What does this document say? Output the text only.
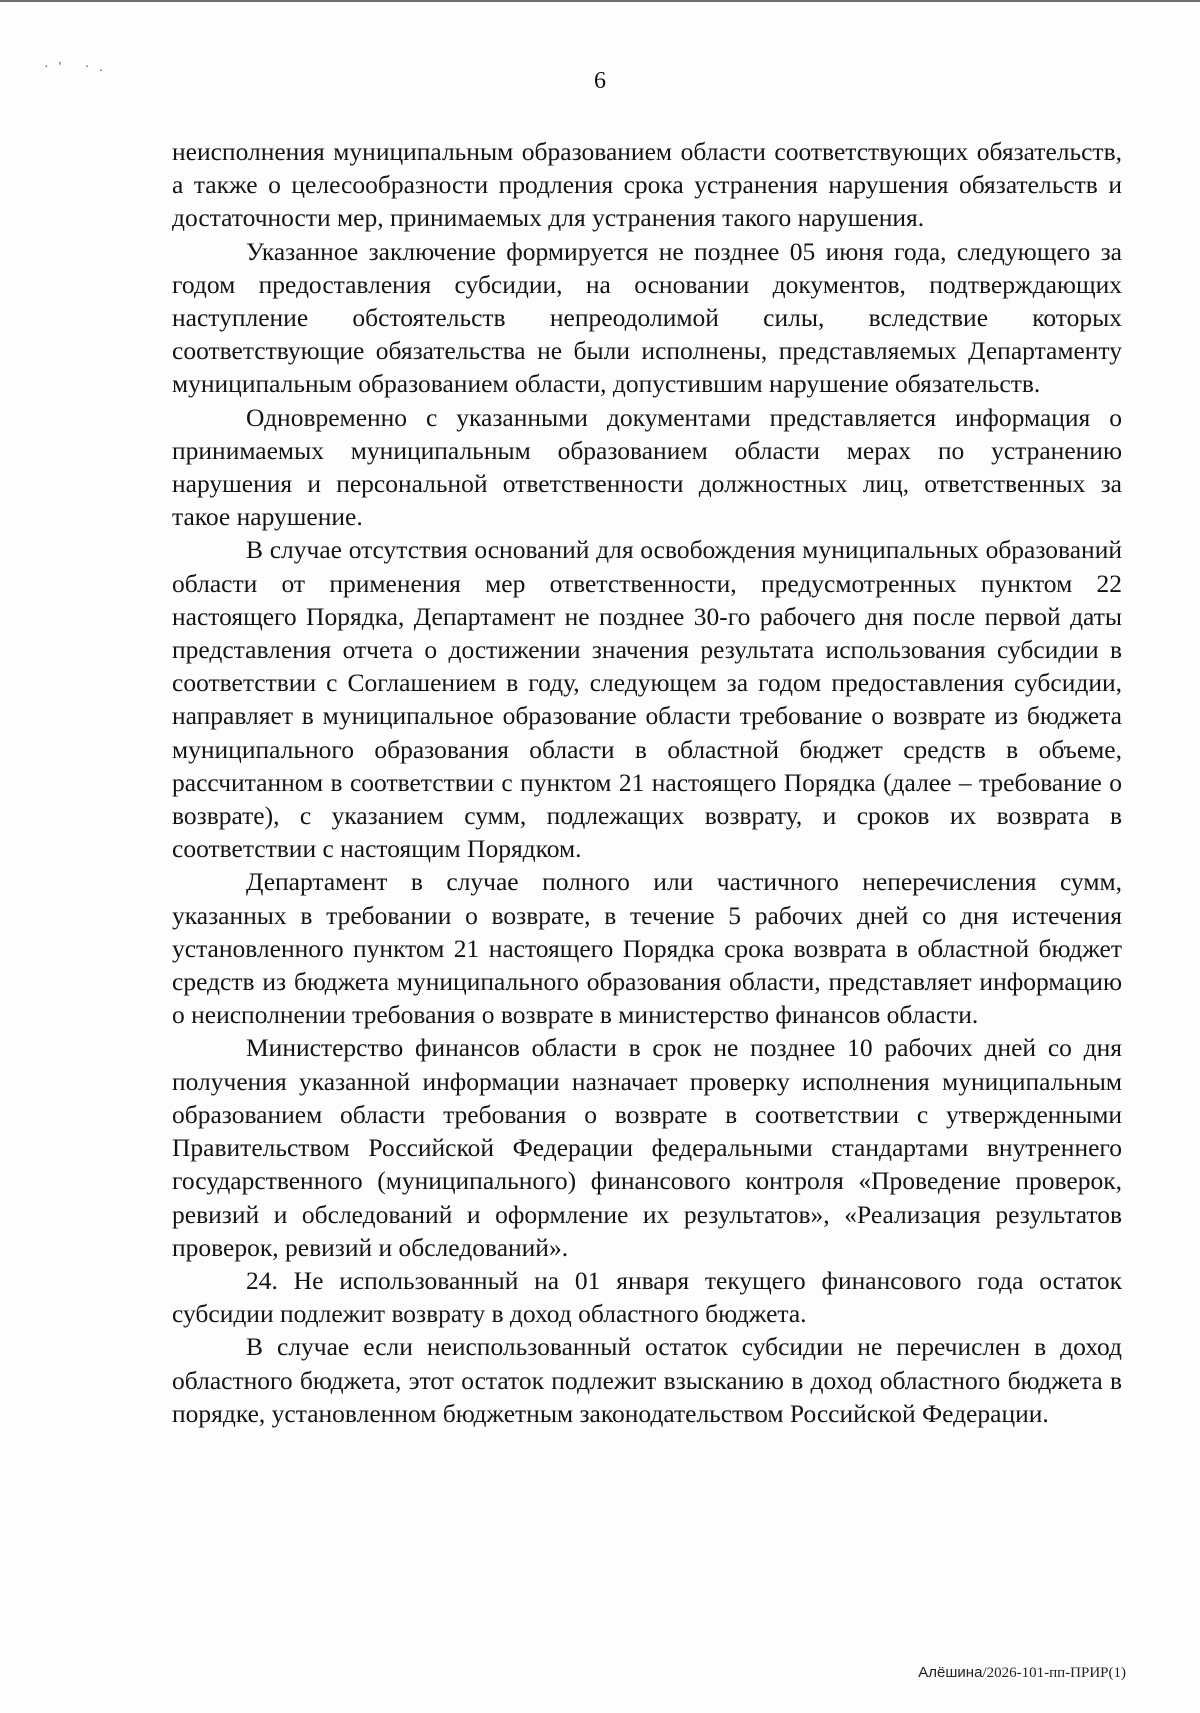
·' ·.
6

неисполнения муниципальным образованием области соответствующих обязательств, а также о целесообразности продления срока устранения нарушения обязательств и достаточности мер, принимаемых для устранения такого нарушения.

Указанное заключение формируется не позднее 05 июня года, следующего за годом предоставления субсидии, на основании документов, подтверждающих наступление обстоятельств непреодолимой силы, вследствие которых соответствующие обязательства не были исполнены, представляемых Департаменту муниципальным образованием области, допустившим нарушение обязательств.

Одновременно с указанными документами представляется информация о принимаемых муниципальным образованием области мерах по устранению нарушения и персональной ответственности должностных лиц, ответственных за такое нарушение.

В случае отсутствия оснований для освобождения муниципальных образований области от применения мер ответственности, предусмотренных пунктом 22 настоящего Порядка, Департамент не позднее 30-го рабочего дня после первой даты представления отчета о достижении значения результата использования субсидии в соответствии с Соглашением в году, следующем за годом предоставления субсидии, направляет в муниципальное образование области требование о возврате из бюджета муниципального образования области в областной бюджет средств в объеме, рассчитанном в соответствии с пунктом 21 настоящего Порядка (далее – требование о возврате), с указанием сумм, подлежащих возврату, и сроков их возврата в соответствии с настоящим Порядком.

Департамент в случае полного или частичного неперечисления сумм, указанных в требовании о возврате, в течение 5 рабочих дней со дня истечения установленного пунктом 21 настоящего Порядка срока возврата в областной бюджет средств из бюджета муниципального образования области, представляет информацию о неисполнении требования о возврате в министерство финансов области.

Министерство финансов области в срок не позднее 10 рабочих дней со дня получения указанной информации назначает проверку исполнения муниципальным образованием области требования о возврате в соответствии с утвержденными Правительством Российской Федерации федеральными стандартами внутреннего государственного (муниципального) финансового контроля «Проведение проверок, ревизий и обследований и оформление их результатов», «Реализация результатов проверок, ревизий и обследований».

24. Не использованный на 01 января текущего финансового года остаток субсидии подлежит возврату в доход областного бюджета.

В случае если неиспользованный остаток субсидии не перечислен в доход областного бюджета, этот остаток подлежит взысканию в доход областного бюджета в порядке, установленном бюджетным законодательством Российской Федерации.

Алёшина/2026-101-пп-ПРИР(1)
